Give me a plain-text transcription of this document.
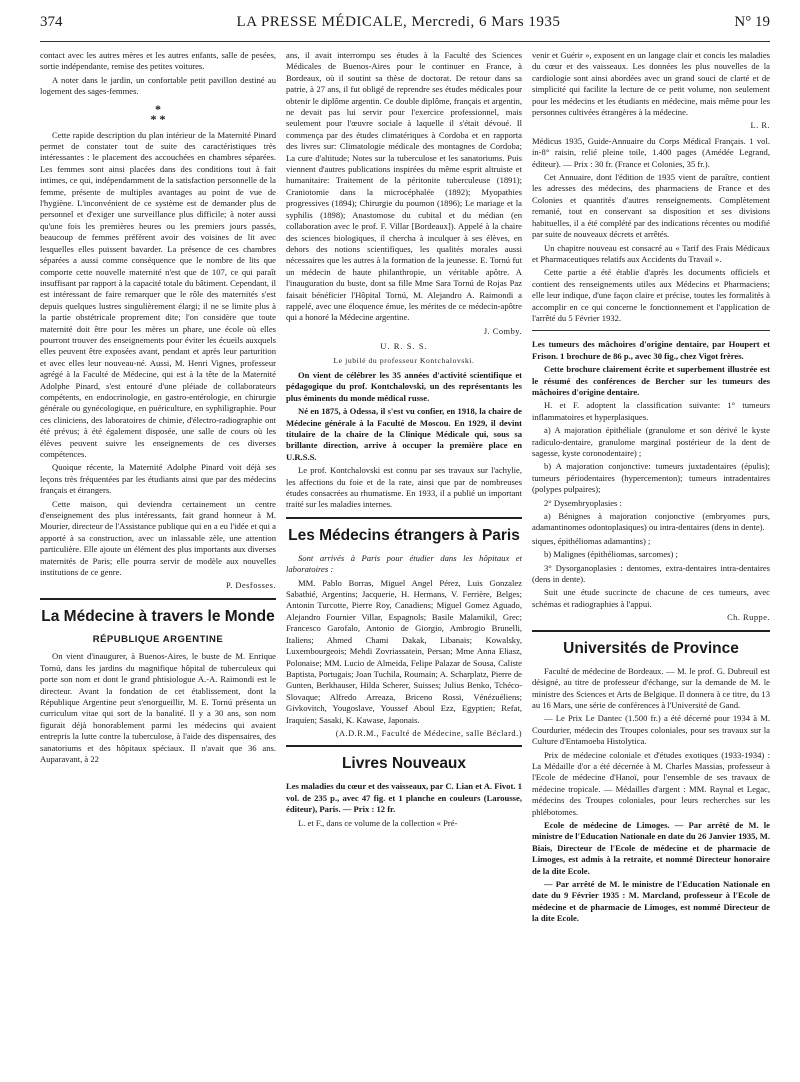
374	LA PRESSE MÉDICALE, Mercredi, 6 Mars 1935	N° 19

contact avec les autres mères et les autres enfants, salle de pesées, sortie indépendante, remise des petites voitures.

A noter dans le jardin, un confortable petit pavillon destiné au logement des sages-femmes.

*
* *

Cette rapide description du plan intérieur de la Maternité Pinard permet de constater tout de suite des caractéristiques très intéressantes : le placement des accouchées en chambres séparées. Les femmes sont ainsi placées dans des conditions tout à fait intimes, ce qui, indépendamment de la satisfaction personnelle de la femme, présente de multiples avantages au point de vue de l'hygiène. L'inconvénient de ce système est de demander plus de personnel et d'exiger une surveillance plus difficile; à noter aussi qu'une fois les premières heures ou les premiers jours passés, beaucoup de femmes préfèrent avoir des voisines de lit avec lesquelles elles puissent bavarder. La présence de ces chambres séparées a aussi comme conséquence que le nombre de lits que comporte cette nouvelle maternité n'est que de 107, ce qui paraît insuffisant par rapport à la capacité totale du bâtiment. Cependant, il est intéressant de faire remarquer que le rôle des maternités s'est depuis quelques lustres singulièrement élargi; il ne se limite plus à la partie obstétricale proprement dite; l'on considère que toute maternité doit être pour les mères un phare, une école où elles pourront trouver des enseignements pour éviter les écueils auxquels elles peuvent être exposées avant, pendant et après leur parturition et avec elles leur nouveau-né. Aussi, M. Henri Vignes, professeur agrégé à la Faculté de Médecine, qui est à la tête de la Maternité Adolphe Pinard, s'est entouré d'une pléiade de collaborateurs compétents, en endocrinologie, en gastro-entérologie, en chirurgie générale ou gynécologique, en puériculture, en syphiligraphie. Pour ces cliniciens, des laboratoires de chimie, d'électro-radiographie ont été prévus; à été également disposée, une salle de cours où les élèves peuvent suivre les enseignements de ces diverses compétences.

Quoique récente, la Maternité Adolphe Pinard voit déjà ses leçons très fréquentées par les étudiants ainsi que par des médecins français et étrangers.

Cette maison, qui deviendra certainement un centre d'enseignement des plus intéressants, fait grand honneur à M. Mourier, directeur de l'Assistance publique qui en a eu l'idée et qui a apporté à sa construction, avec un inlassable zèle, une attention particulière. Elle ajoute un élément des plus importants aux diverses maternités de Paris; elle pourra servir de modèle aux nouvelles institutions de ce genre.

P. Desfosses.
La Médecine à travers le Monde
RÉPUBLIQUE ARGENTINE

On vient d'inaugurer, à Buenos-Aires, le buste de M. Enrique Tornú, dans les jardins du magnifique hôpital de tuberculeux qui porte son nom et dont le grand phtisiologue A.-A. Raimondi est le directeur. Avant la fondation de cet établissement, dont la République Argentine peut s'enorgueillir, M. E. Tornú présenta un curriculum vitae qui sort de la banalité. Il y a 30 ans, son nom figurait déjà honorablement parmi les médecins qui avaient entrepris la lutte contre la tuberculose, à l'aide des dispensaires, des sanatoriums et des hôpitaux spéciaux. Il n'avait que 36 ans. Auparavant, à 22

ans, il avait interrompu ses études à la Faculté des Sciences Médicales de Buenos-Aires pour le continuer en France, à Bordeaux, où il soutint sa thèse de doctorat. De retour dans sa patrie, à 27 ans, il fut obligé de reprendre ses études médicales pour obtenir le diplôme argentin. Ce double diplôme, français et argentin, ne devait pas lui servir pour l'exercice professionnel, mais seulement pour l'œuvre sociale à laquelle il s'était dévoué. Il commença par des études climatériques à Cordoba et en rapporta des livres sur: Climatologie médicale des montagnes de Cordoba; La cure d'altitude; Notes sur la tuberculose et les sanatoriums. Puis viennent d'autres publications inspirées du même esprit altruiste et humanitaire: Traitement de la péritonite tuberculeuse (1891); Craniotomie dans la microcéphalée (1892); Myopathies progressives (1894); Chirurgie du poumon (1896); Le mariage et la syphilis (1898); Anastomose du cubital et du médian (en collaboration avec le prof. F. Villar [Bordeaux]). Appelé à la chaire des sciences biologiques, il chercha à inculquer à ses élèves, en dehors des notions scientifiques, les qualités morales aussi nécessaires que les autres à la formation de la jeunesse. E. Tornú fut un médecin de haute philanthropie, un véritable apôtre. A l'inauguration du buste, dont sa fille Mme Sara Tornú de Rojas Paz faisait bénéficier l'Hôpital Tornú, M. Alejandro A. Raimondi a rappelé, avec une éloquence émue, les mérites de ce médecin-apôtre qui a honoré la Médecine argentine.

J. Comby.
U. R. S. S.
Le jubilé du professeur Kontchalovski.

On vient de célébrer les 35 années d'activité scientifique et pédagogique du prof. Kontchalovski, un des représentants les plus éminents du monde médical russe.

Né en 1875, à Odessa, il s'est vu confier, en 1918, la chaire de Médecine générale à la Faculté de Moscou. En 1929, il devint titulaire de la chaire de la Clinique Médicale qui, sous sa brillante direction, arrive à occuper la première place en U.R.S.S.

Le prof. Kontchalovski est connu par ses travaux sur l'achylie, les affections du foie et de la rate, ainsi que par de nombreuses études consacrées au rhumatisme. En 1933, il a publié un important traité sur les maladies internes.

Les Médecins étrangers à Paris

Sont arrivés à Paris pour étudier dans les hôpitaux et laboratoires :

MM. Pablo Borras, Miguel Angel Pérez, Luis Gonzalez Sabathié, Argentins; Jacquerie, H. Hermans, V. Ferrière, Belges; Antonin Turcotte, Pierre Roy, Canadiens; Miguel Gomez Aguado, Alejandro Fournier Villar, Espagnols; Basile Malamikil, Grec; Francesco Garofalo, Antonio de Giorgio, Ambrogio Brunelli, Italiens; Ahmed Chami Dakak, Libanais; Kowalsky, Luxembourgeois; Mehdi Zovriassatein, Persan; Mme Anna Eliasz, Polonaise; MM. Lucio de Almeida, Felipe Palazar de Sousa, Caliste Baptista, Portugais; Joan Tuchila, Roumain; A. Scharplatz, Pierre de Gunten, Berkhauser, Hilda Scherer, Suisses; Julius Benko, Tchéco-Slovaque; Alfredo Arreaza, Briceno Rossi, Vénézuéliens; Givkovitch, Yougoslave, Youssef Aboul Ezz, Egyptien; Refat, Iraquien; Sasaki, K. Kawase, Japonais.

(A.D.R.M., Faculté de Médecine, salle Béclard.)
Livres Nouveaux

Les maladies du cœur et des vaisseaux, par C. Lian et A. Fivot. 1 vol. de 235 p., avec 47 fig. et 1 planche en couleurs (Larousse, éditeur), Paris. — Prix : 12 fr.

L. et F., dans ce volume de la collection « Pré-

venir et Guérir », exposent en un langage clair et concis les maladies du cœur et des vaisseaux. Les données les plus nouvelles de la cardiologie sont ainsi abordées avec un grand souci de clarté et de simplicité qui facilite la lecture de ce petit volume, non seulement pour les médecins et les étudiants en médecine, mais même pour les personnes cultivées étrangères à la médecine.

L. R.

Médicus 1935, Guide-Annuaire du Corps Médical Français. 1 vol. in-8° raisin, relié pleine toile, 1.400 pages (Amédée Legrand, éditeur). — Prix : 30 fr. (France et Colonies, 35 fr.).

Cet Annuaire, dont l'édition de 1935 vient de paraître, contient les adresses des médecins, des pharmaciens de France et des Colonies et quantités d'autres renseignements. Complètement remanié, tout en conservant sa disposition et ses divisions habituelles, il a été complété par des indications récentes ou modifié par suite de nouveaux décrets et arrêtés.

Un chapitre nouveau est consacré au « Tarif des Frais Médicaux et Pharmaceutiques relatifs aux Accidents du Travail ».

Cette partie a été établie d'après les documents officiels et contient des renseignements utiles aux Médecins et Pharmaciens; elle leur indique, d'une façon claire et précise, toutes les formalités à accomplir en ce qui concerne le fonctionnement et l'application de l'arrêté du 5 Février 1932.

Les tumeurs des mâchoires d'origine dentaire, par Houpert et Frison. 1 brochure de 86 p., avec 30 fig., chez Vigot frères.

Cette brochure clairement écrite et superbement illustrée est le résumé des conférences de Bercher sur les tumeurs des mâchoires d'origine dentaire.

H. et F. adoptent la classification suivante: 1° tumeurs inflammatoires et hyperplasiques.

a) A majoration épithéliale (granulome et son dérivé le kyste radiculo-dentaire, granulome marginal postérieur de la dent de sagesse, kyste coronodentaire) ;

b) A majoration conjonctive: tumeurs juxtadentaires (épulis); tumeurs périodentaires (hypercementon); tumeurs intradentaires (polypes pulpaires);

2° Dysembryoplasies :

a) Bénignes à majoration conjonctive (embryomes purs, adamantinomes odontoplasiques) ou intra-dentaires (dens in dente).

siques, épithéliomas adamantins) ;

b) Malignes (épithéliomas, sarcomes) ;

3° Dysorganoplasies : dentomes, extra-dentaires intra-dentaires (dens in dente).

Suit une étude succincte de chacune de ces tumeurs, avec schémas et radiographies à l'appui.

Ch. Ruppe.
Universités de Province

Faculté de médecine de Bordeaux. — M. le prof. G. Dubreuil est désigné, au titre de professeur d'échange, sur la demande de M. le ministre des Sciences et Arts de Belgique. Il donnera à ce titre, du 13 au 16 Mars, une série de conférences à l'Université de Gand.

— Le Prix Le Dantec (1.500 fr.) a été décerné pour 1934 à M. Courdurier, médecin des Troupes coloniales, pour ses travaux sur la Culture d'Entamoeba Histolytica.

Prix de médecine coloniale et d'études exotiques (1933-1934) : La Médaille d'or a été décernée à M. Charles Massias, professeur à l'Ecole de médecine d'Hanoï, pour l'ensemble de ses travaux de médecine tropicale. — Médailles d'argent : MM. Raynal et Legac, médecins des Troupes coloniales, pour leurs recherches sur les phlébotomes.

Ecole de médecine de Limoges. — Par arrêté de M. le ministre de l'Education Nationale en date du 26 Janvier 1935, M. Biais, Directeur de l'Ecole de médecine et de pharmacie de Limoges, est admis à la retraite, et nommé Directeur honoraire de la dite Ecole.

— Par arrêté de M. le ministre de l'Education Nationale en date du 9 Février 1935 : M. Marcland, professeur à l'Ecole de médecine et de pharmacie de Limoges, est nommé Directeur de la dite Ecole.
